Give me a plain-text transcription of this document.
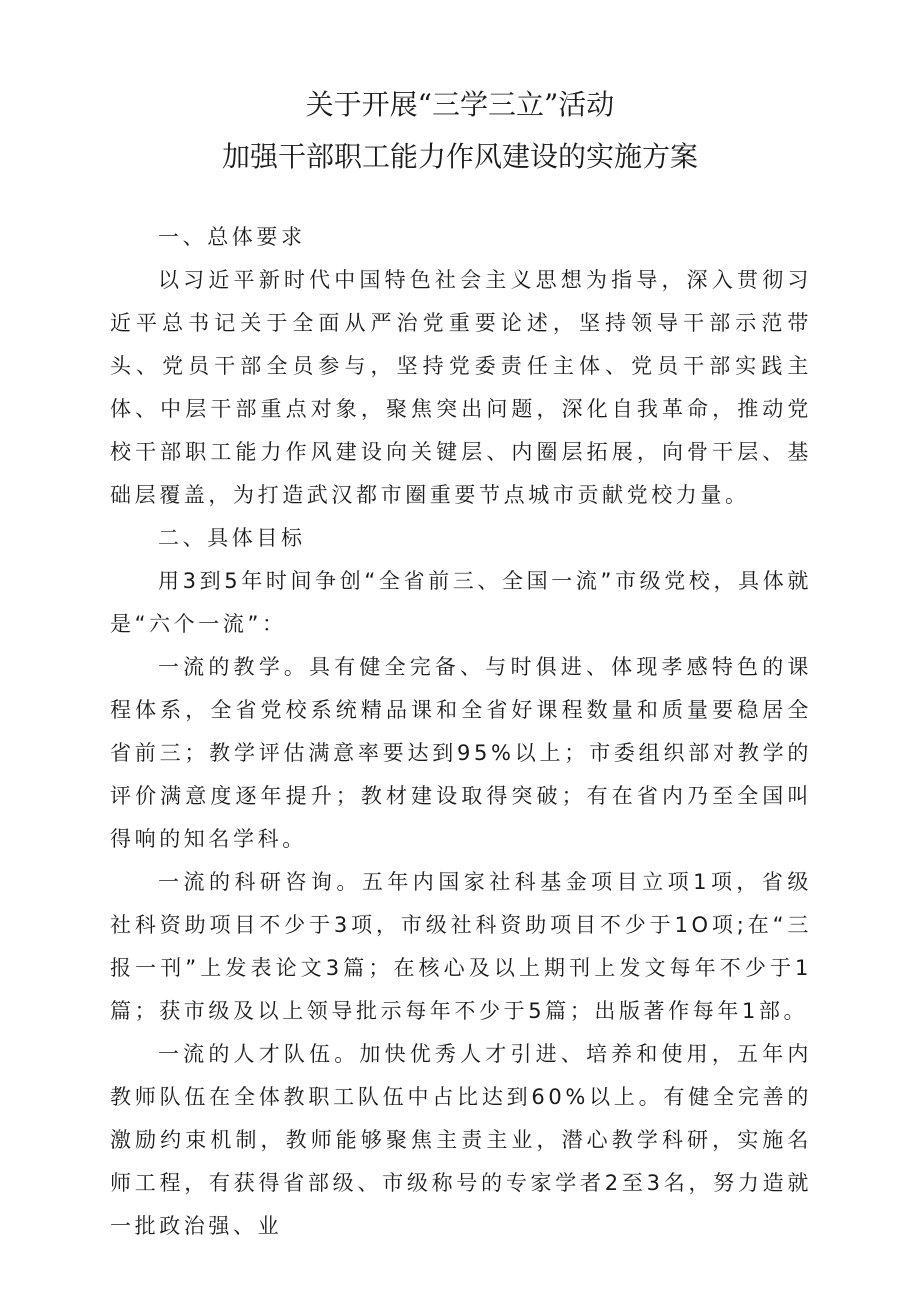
关于开展“三学三立”活动
加强干部职工能力作风建设的实施方案

一、总体要求

以习近平新时代中国特色社会主义思想为指导，深入贯彻习近平总书记关于全面从严治党重要论述，坚持领导干部示范带头、党员干部全员参与，坚持党委责任主体、党员干部实践主体、中层干部重点对象，聚焦突出问题，深化自我革命，推动党校干部职工能力作风建设向关键层、内圈层拓展，向骨干层、基础层覆盖，为打造武汉都市圈重要节点城市贡献党校力量。

二、具体目标

用3到5年时间争创“全省前三、全国一流”市级党校，具体就是“六个一流”：

一流的教学。具有健全完备、与时俱进、体现孝感特色的课程体系，全省党校系统精品课和全省好课程数量和质量要稳居全省前三；教学评估满意率要达到95%以上；市委组织部对教学的评价满意度逐年提升；教材建设取得突破；有在省内乃至全国叫得响的知名学科。

一流的科研咨询。五年内国家社科基金项目立项1项，省级社科资助项目不少于3项，市级社科资助项目不少于1O项;在“三报一刊”上发表论文3篇；在核心及以上期刊上发文每年不少于1篇；获市级及以上领导批示每年不少于5篇；出版著作每年1部。

一流的人才队伍。加快优秀人才引进、培养和使用，五年内教师队伍在全体教职工队伍中占比达到60%以上。有健全完善的激励约束机制，教师能够聚焦主责主业，潜心教学科研，实施名师工程，有获得省部级、市级称号的专家学者2至3名，努力造就一批政治强、业
